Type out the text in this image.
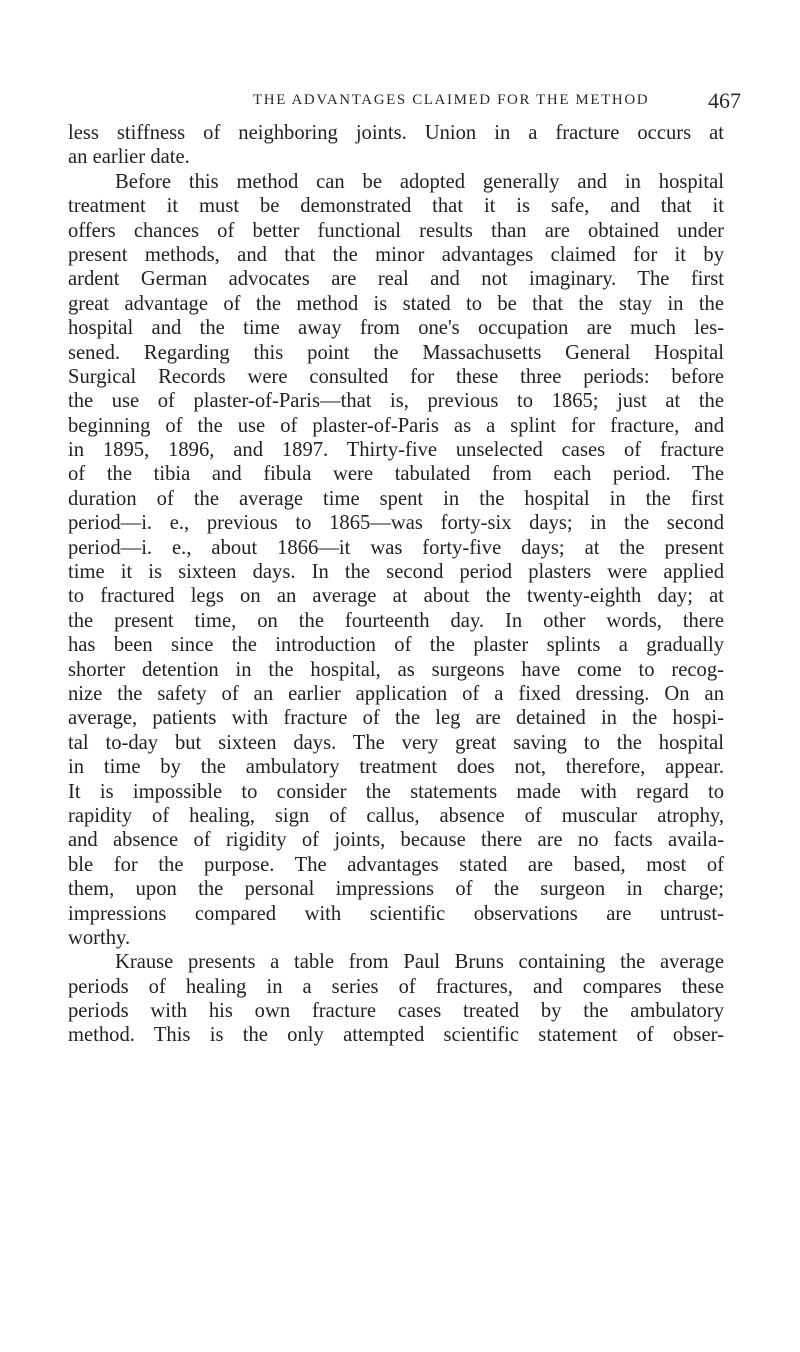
THE ADVANTAGES CLAIMED FOR THE METHOD	467
less stiffness of neighboring joints. Union in a fracture occurs at
an earlier date.
Before this method can be adopted generally and in hospital
treatment it must be demonstrated that it is safe, and that it
offers chances of better functional results than are obtained under
present methods, and that the minor advantages claimed for it by
ardent German advocates are real and not imaginary. The first
great advantage of the method is stated to be that the stay in the
hospital and the time away from one's occupation are much les-
sened. Regarding this point the Massachusetts General Hospital
Surgical Records were consulted for these three periods: before
the use of plaster-of-Paris—that is, previous to 1865; just at the
beginning of the use of plaster-of-Paris as a splint for fracture, and
in 1895, 1896, and 1897. Thirty-five unselected cases of fracture
of the tibia and fibula were tabulated from each period. The
duration of the average time spent in the hospital in the first
period—i. e., previous to 1865—was forty-six days; in the second
period—i. e., about 1866—it was forty-five days; at the present
time it is sixteen days. In the second period plasters were applied
to fractured legs on an average at about the twenty-eighth day; at
the present time, on the fourteenth day. In other words, there
has been since the introduction of the plaster splints a gradually
shorter detention in the hospital, as surgeons have come to recog-
nize the safety of an earlier application of a fixed dressing. On an
average, patients with fracture of the leg are detained in the hospi-
tal to-day but sixteen days. The very great saving to the hospital
in time by the ambulatory treatment does not, therefore, appear.
It is impossible to consider the statements made with regard to
rapidity of healing, sign of callus, absence of muscular atrophy,
and absence of rigidity of joints, because there are no facts availa-
ble for the purpose. The advantages stated are based, most of
them, upon the personal impressions of the surgeon in charge;
impressions compared with scientific observations are untrust-
worthy.
Krause presents a table from Paul Bruns containing the average
periods of healing in a series of fractures, and compares these
periods with his own fracture cases treated by the ambulatory
method. This is the only attempted scientific statement of obser-
